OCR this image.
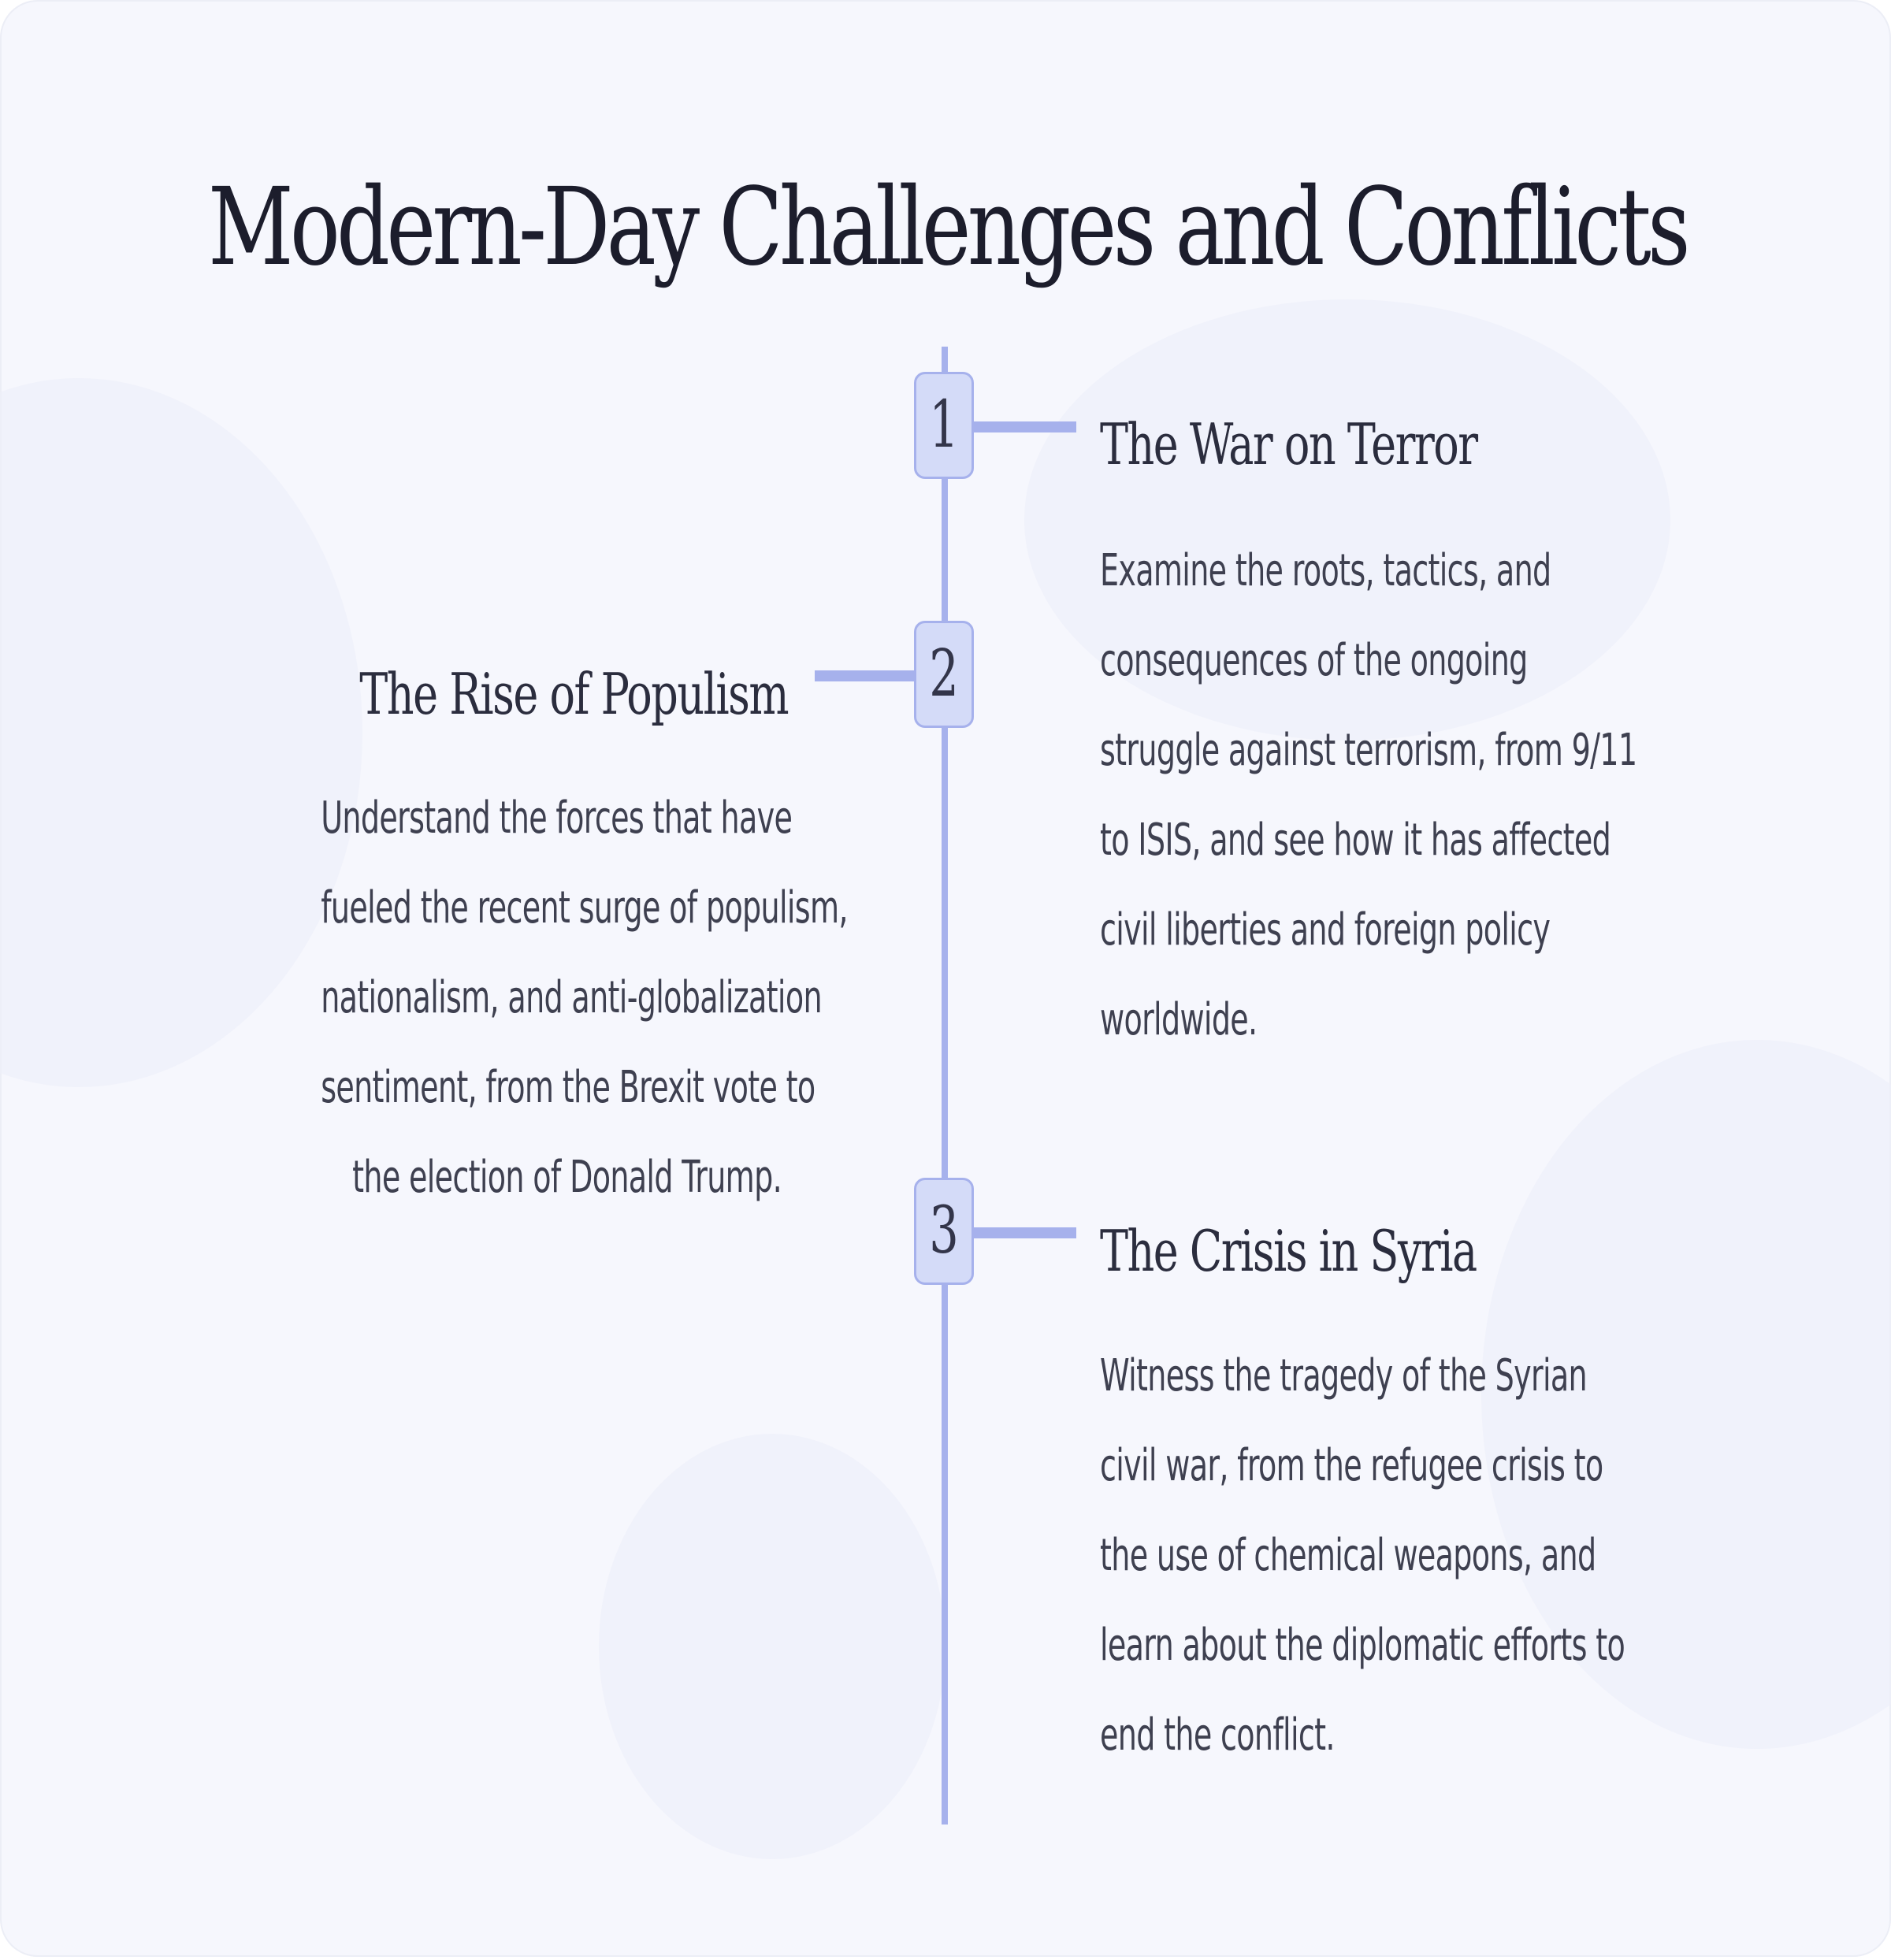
Modern-Day Challenges and Conflicts
1 The War on Terror
Examine the roots, tactics, and
consequences of the ongoing
struggle against terrorism, from 9/11
to ISIS, and see how it has affected
civil liberties and foreign policy
worldwide.
2
The Rise of Populism
Understand the forces that have
fueled the recent surge of populism,
nationalism, and anti-globalization
sentiment, from the Brexit vote to
the election of Donald Trump.
3 The Crisis in Syria
Witness the tragedy of the Syrian
civil war, from the refugee crisis to
the use of chemical weapons, and
learn about the diplomatic efforts to
end the conflict.
